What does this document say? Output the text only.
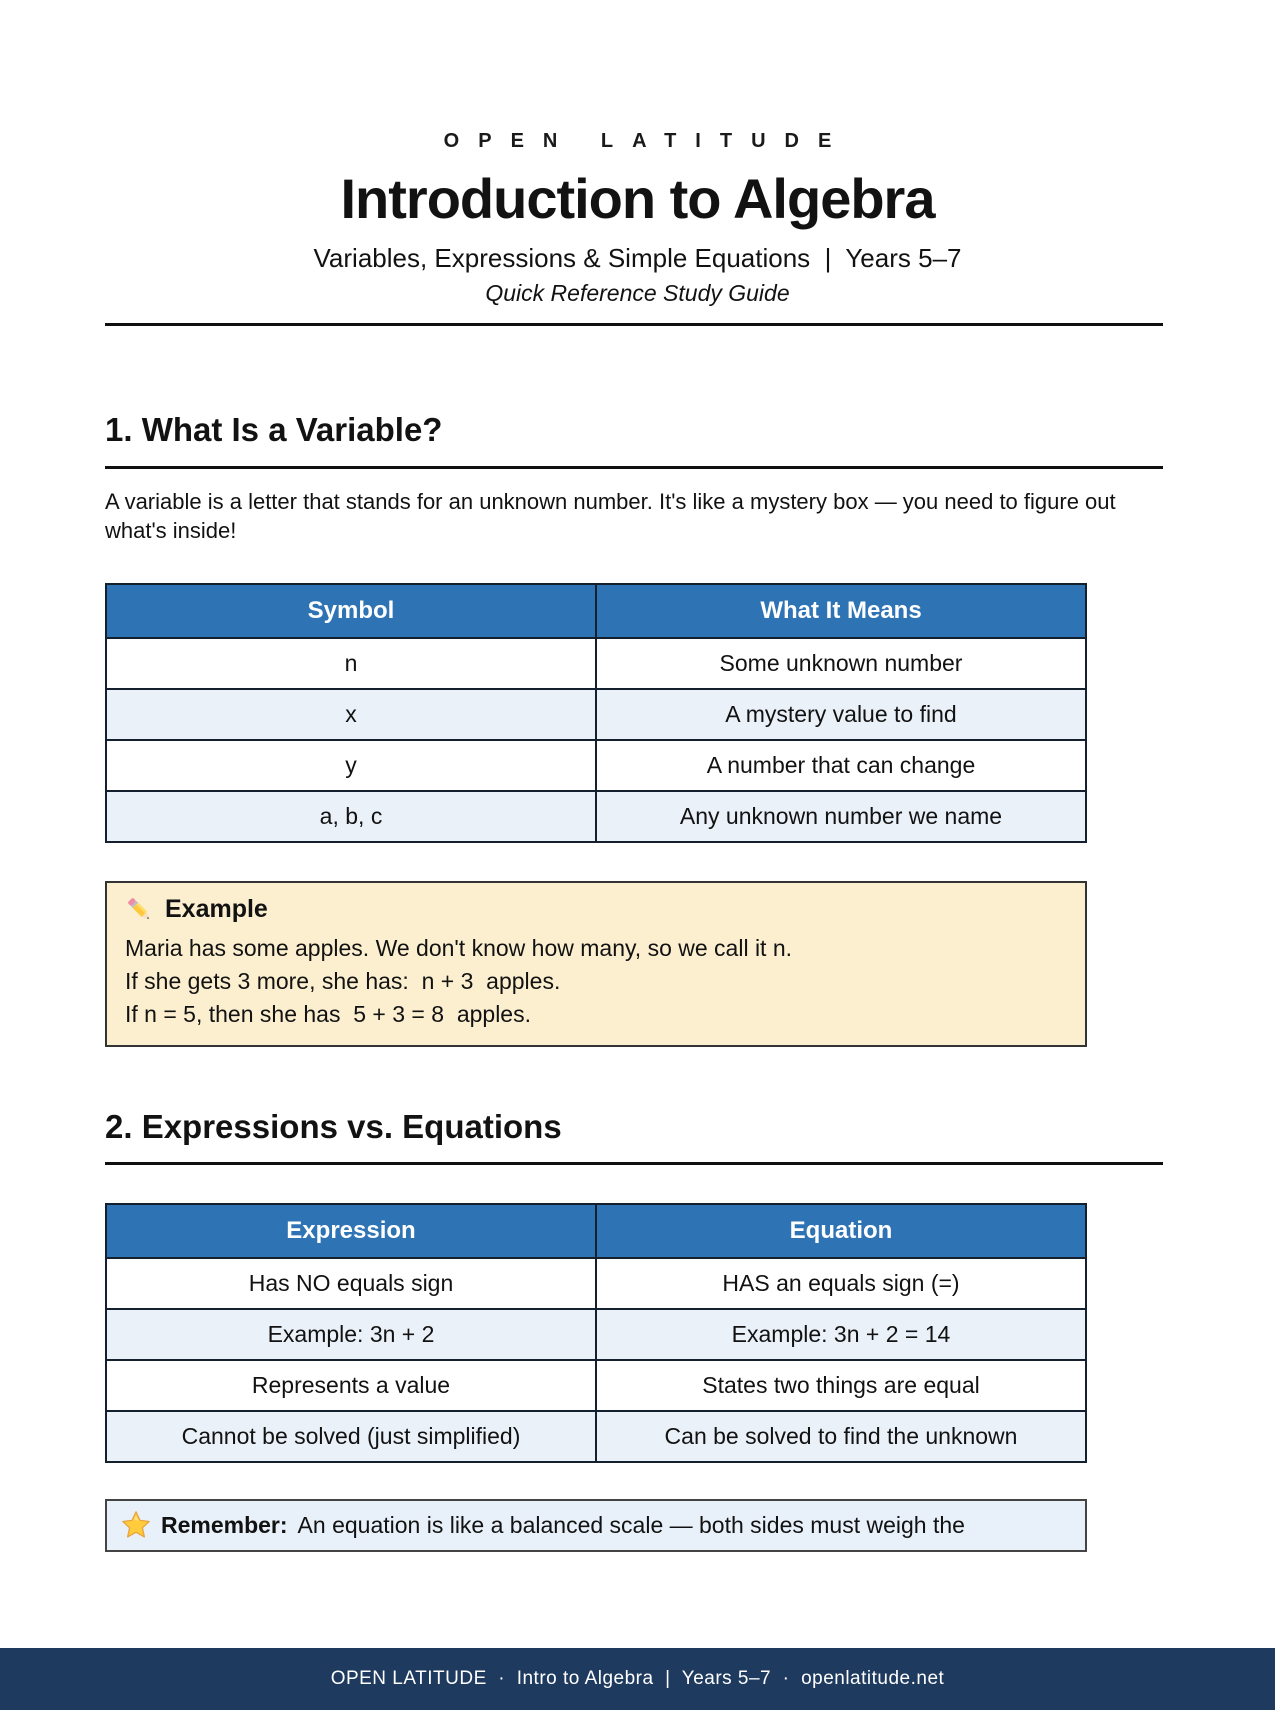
OPEN LATITUDE
Introduction to Algebra
Variables, Expressions & Simple Equations  |  Years 5–7
Quick Reference Study Guide
1. What Is a Variable?

A variable is a letter that stands for an unknown number. It's like a mystery box — you need to figure out what's inside!

Symbol	What It Means
n	Some unknown number
x	A mystery value to find
y	A number that can change
a, b, c	Any unknown number we name
Example

Maria has some apples. We don't know how many, so we call it n.

If she gets 3 more, she has:  n + 3  apples.

If n = 5, then she has  5 + 3 = 8  apples.

2. Expressions vs. Equations
Expression	Equation
Has NO equals sign	HAS an equals sign (=)
Example: 3n + 2	Example: 3n + 2 = 14
Represents a value	States two things are equal
Cannot be solved (just simplified)	Can be solved to find the unknown
Remember: An equation is like a balanced scale — both sides must weigh the
OPEN LATITUDE  ·  Intro to Algebra  |  Years 5–7  ·  openlatitude.net
